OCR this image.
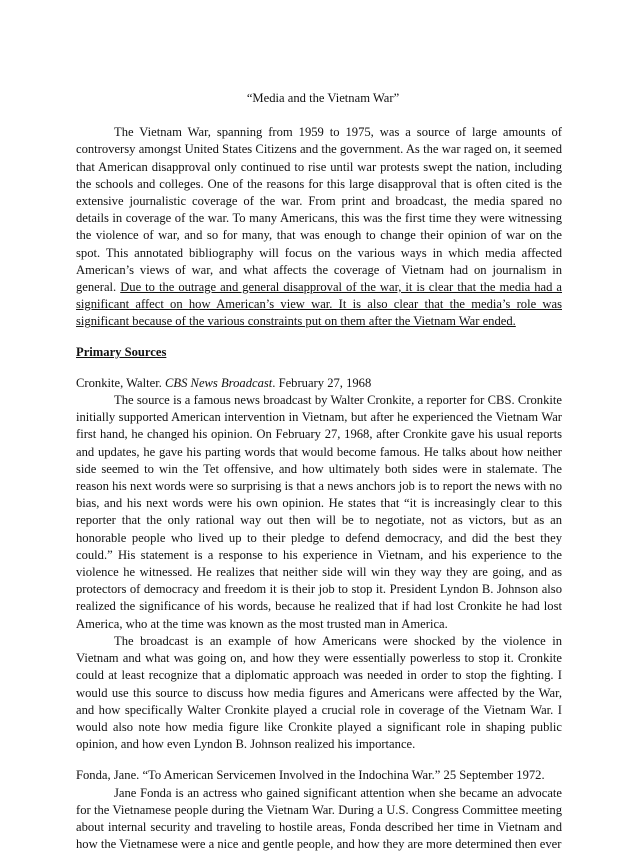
“Media and the Vietnam War”

The Vietnam War, spanning from 1959 to 1975, was a source of large amounts of controversy amongst United States Citizens and the government. As the war raged on, it seemed that American disapproval only continued to rise until war protests swept the nation, including the schools and colleges. One of the reasons for this large disapproval that is often cited is the extensive journalistic coverage of the war. From print and broadcast, the media spared no details in coverage of the war. To many Americans, this was the first time they were witnessing the violence of war, and so for many, that was enough to change their opinion of war on the spot. This annotated bibliography will focus on the various ways in which media affected American’s views of war, and what affects the coverage of Vietnam had on journalism in general. Due to the outrage and general disapproval of the war, it is clear that the media had a significant affect on how American’s view war. It is also clear that the media’s role was significant because of the various constraints put on them after the Vietnam War ended.

Primary Sources

Cronkite, Walter. CBS News Broadcast. February 27, 1968

The source is a famous news broadcast by Walter Cronkite, a reporter for CBS. Cronkite initially supported American intervention in Vietnam, but after he experienced the Vietnam War first hand, he changed his opinion. On February 27, 1968, after Cronkite gave his usual reports and updates, he gave his parting words that would become famous. He talks about how neither side seemed to win the Tet offensive, and how ultimately both sides were in stalemate. The reason his next words were so surprising is that a news anchors job is to report the news with no bias, and his next words were his own opinion. He states that “it is increasingly clear to this reporter that the only rational way out then will be to negotiate, not as victors, but as an honorable people who lived up to their pledge to defend democracy, and did the best they could.” His statement is a response to his experience in Vietnam, and his experience to the violence he witnessed. He realizes that neither side will win they way they are going, and as protectors of democracy and freedom it is their job to stop it. President Lyndon B. Johnson also realized the significance of his words, because he realized that if had lost Cronkite he had lost America, who at the time was known as the most trusted man in America.

The broadcast is an example of how Americans were shocked by the violence in Vietnam and what was going on, and how they were essentially powerless to stop it. Cronkite could at least recognize that a diplomatic approach was needed in order to stop the fighting. I would use this source to discuss how media figures and Americans were affected by the War, and how specifically Walter Cronkite played a crucial role in coverage of the Vietnam War. I would also note how media figure like Cronkite played a significant role in shaping public opinion, and how even Lyndon B. Johnson realized his importance.

Fonda, Jane. “To American Servicemen Involved in the Indochina War.” 25 September 1972.

Jane Fonda is an actress who gained significant attention when she became an advocate for the Vietnamese people during the Vietnam War. During a U.S. Congress Committee meeting about internal security and traveling to hostile areas, Fonda described her time in Vietnam and how the Vietnamese were a nice and gentle people, and how they are more determined then ever
